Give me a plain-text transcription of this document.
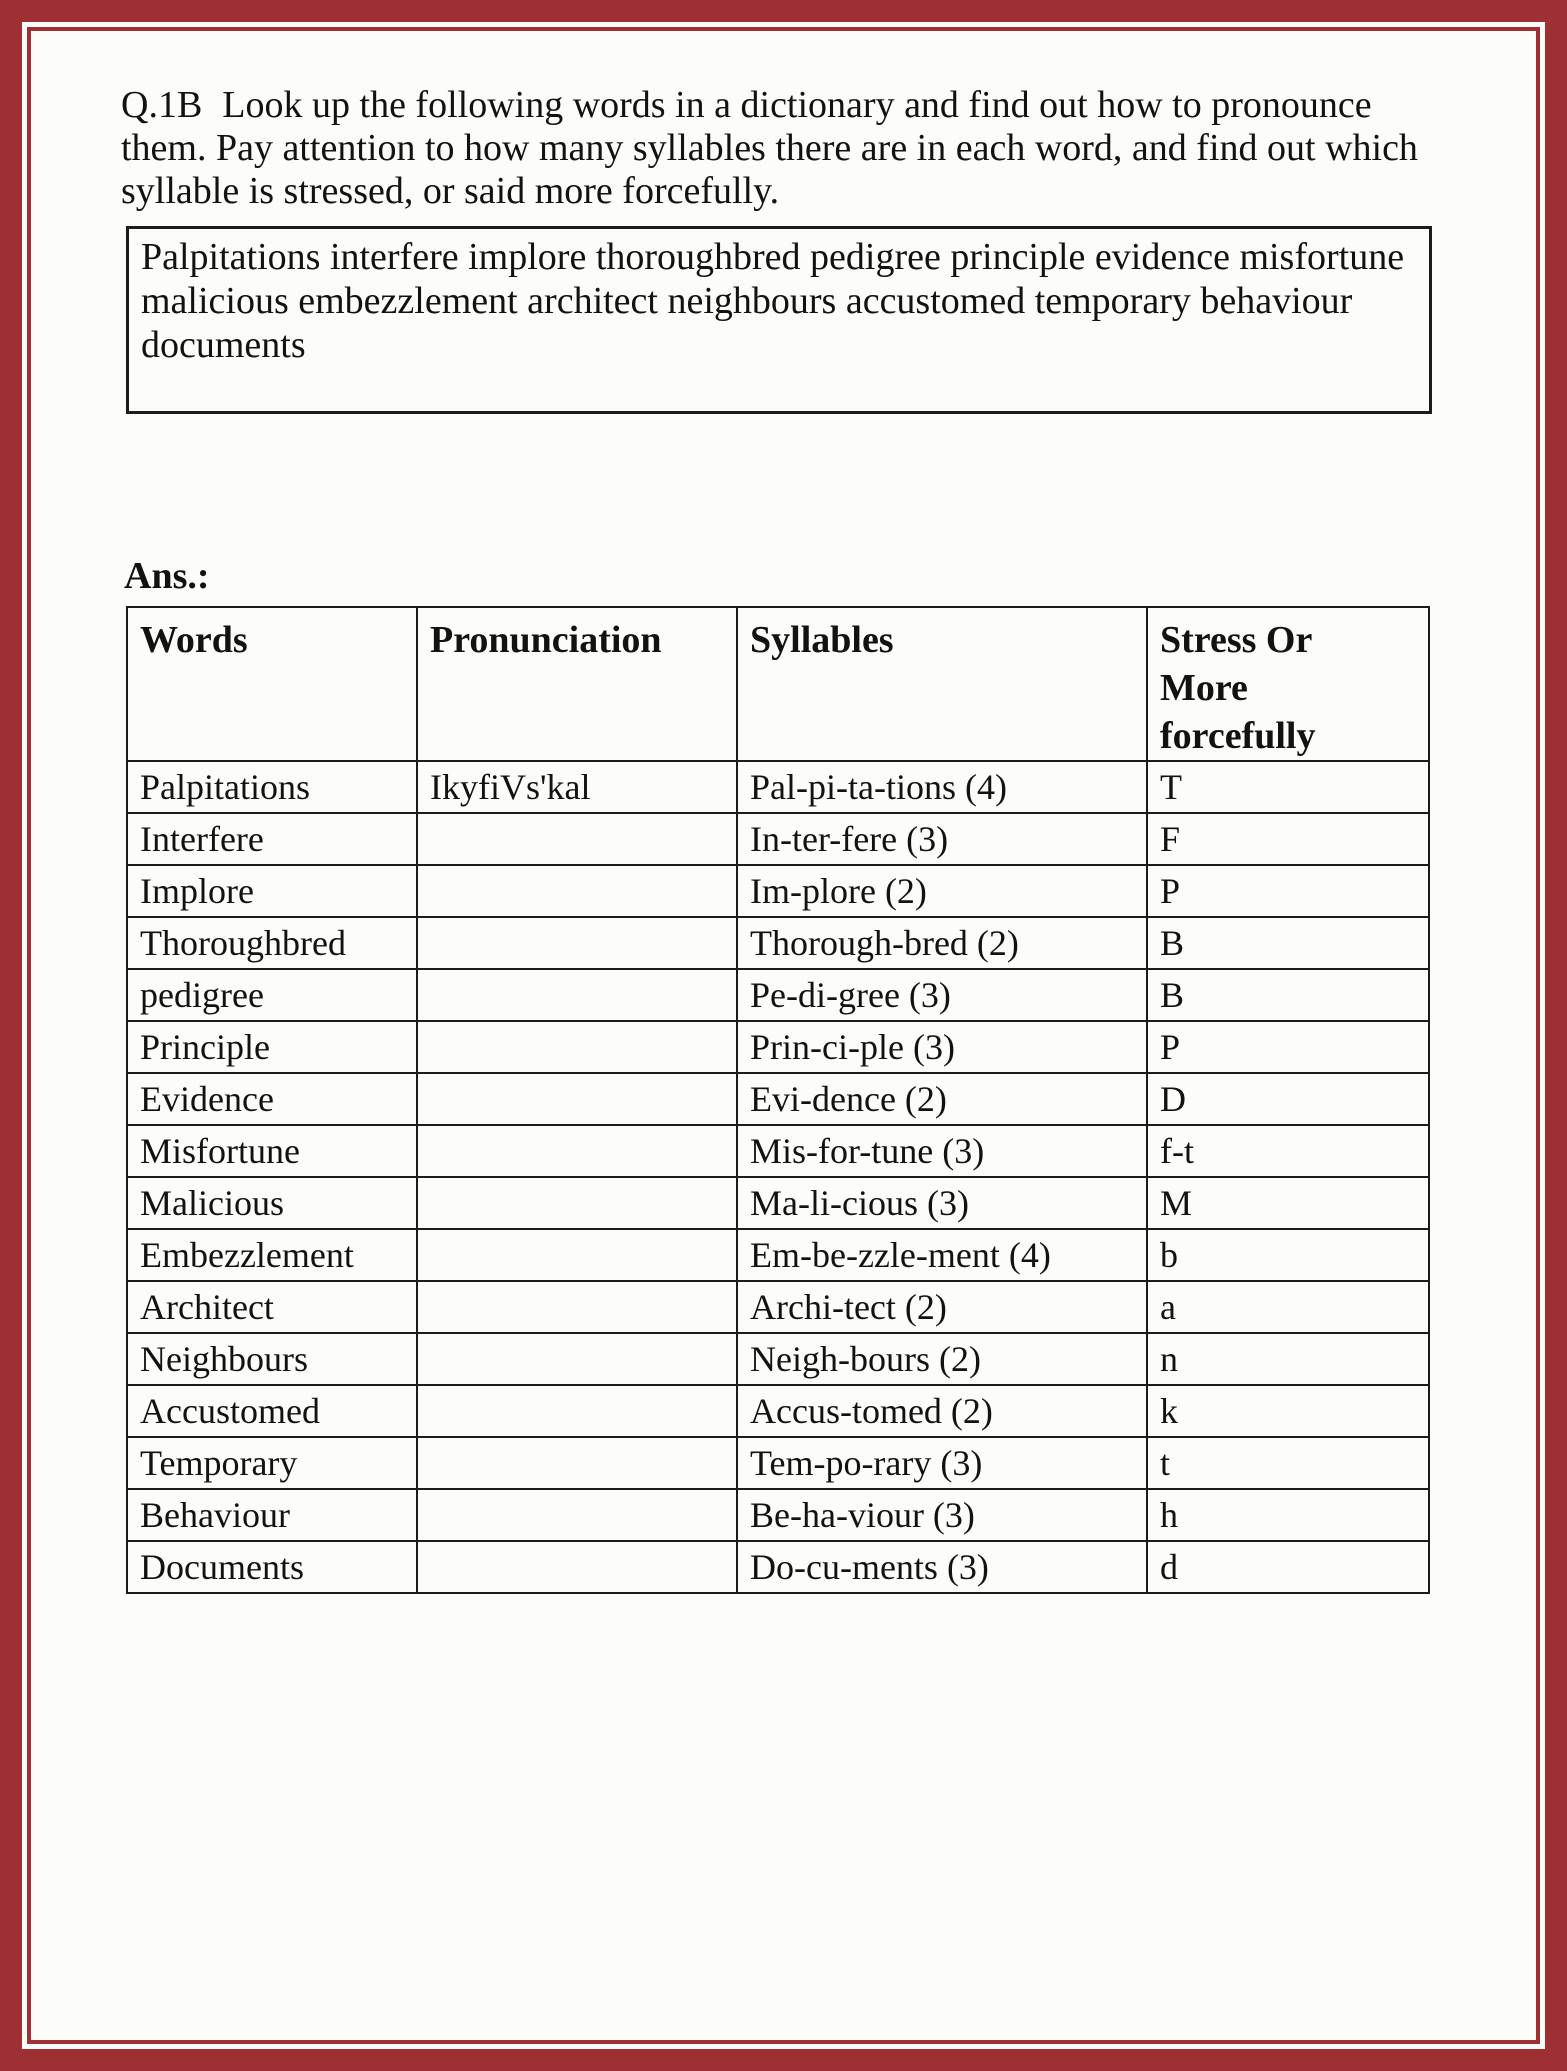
Q.1B Look up the following words in a dictionary and find out how to pronounce them. Pay attention to how many syllables there are in each word, and find out which syllable is stressed, or said more forcefully.

Palpitations interfere implore thoroughbred pedigree principle evidence misfortune malicious embezzlement architect neighbours accustomed temporary behaviour documents

Ans.:

Words	Pronunciation	Syllables	Stress Or More forcefully

Palpitations	IkyfiVs'kal	Pal-pi-ta-tions (4)	T
Interfere		In-ter-fere (3)	F
Implore		Im-plore (2)	P
Thoroughbred		Thorough-bred (2)	B
pedigree		Pe-di-gree (3)	B
Principle		Prin-ci-ple (3)	P
Evidence		Evi-dence (2)	D
Misfortune		Mis-for-tune (3)	f-t
Malicious		Ma-li-cious (3)	M
Embezzlement		Em-be-zzle-ment (4)	b
Architect		Archi-tect (2)	a
Neighbours		Neigh-bours (2)	n
Accustomed		Accus-tomed (2)	k
Temporary		Tem-po-rary (3)	t
Behaviour		Be-ha-viour (3)	h
Documents		Do-cu-ments (3)	d
